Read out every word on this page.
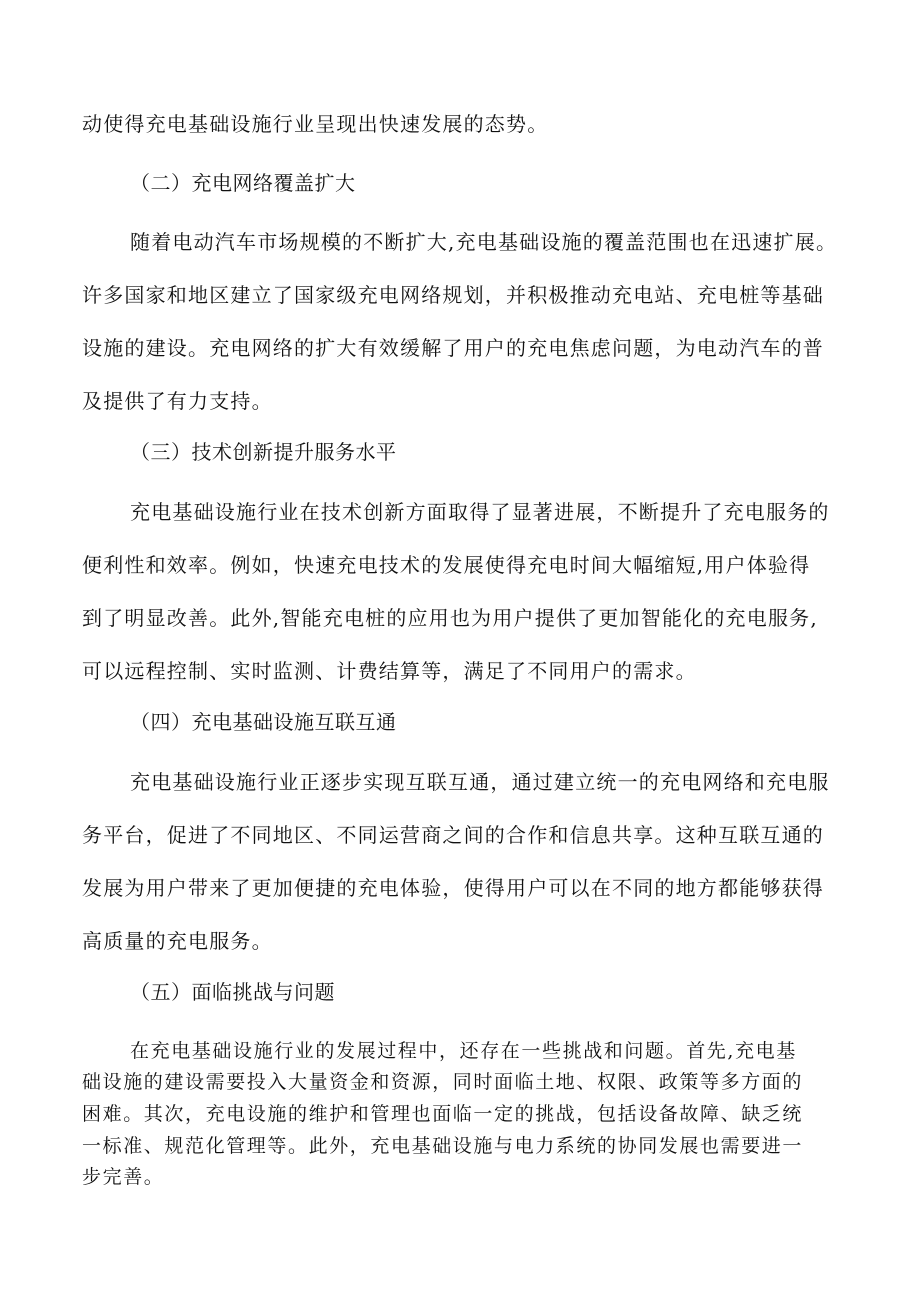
动使得充电基础设施行业呈现出快速发展的态势。
（二）充电网络覆盖扩大
随着电动汽车市场规模的不断扩大,充电基础设施的覆盖范围也在迅速扩展。
许多国家和地区建立了国家级充电网络规划，并积极推动充电站、充电桩等基础
设施的建设。充电网络的扩大有效缓解了用户的充电焦虑问题，为电动汽车的普
及提供了有力支持。
（三）技术创新提升服务水平
充电基础设施行业在技术创新方面取得了显著进展，不断提升了充电服务的
便利性和效率。例如，快速充电技术的发展使得充电时间大幅缩短,用户体验得
到了明显改善。此外,智能充电桩的应用也为用户提供了更加智能化的充电服务,
可以远程控制、实时监测、计费结算等，满足了不同用户的需求。
（四）充电基础设施互联互通
充电基础设施行业正逐步实现互联互通，通过建立统一的充电网络和充电服
务平台，促进了不同地区、不同运营商之间的合作和信息共享。这种互联互通的
发展为用户带来了更加便捷的充电体验，使得用户可以在不同的地方都能够获得
高质量的充电服务。
（五）面临挑战与问题
在充电基础设施行业的发展过程中，还存在一些挑战和问题。首先,充电基
础设施的建设需要投入大量资金和资源，同时面临土地、权限、政策等多方面的
困难。其次，充电设施的维护和管理也面临一定的挑战，包括设备故障、缺乏统
一标准、规范化管理等。此外，充电基础设施与电力系统的协同发展也需要进一
步完善。
